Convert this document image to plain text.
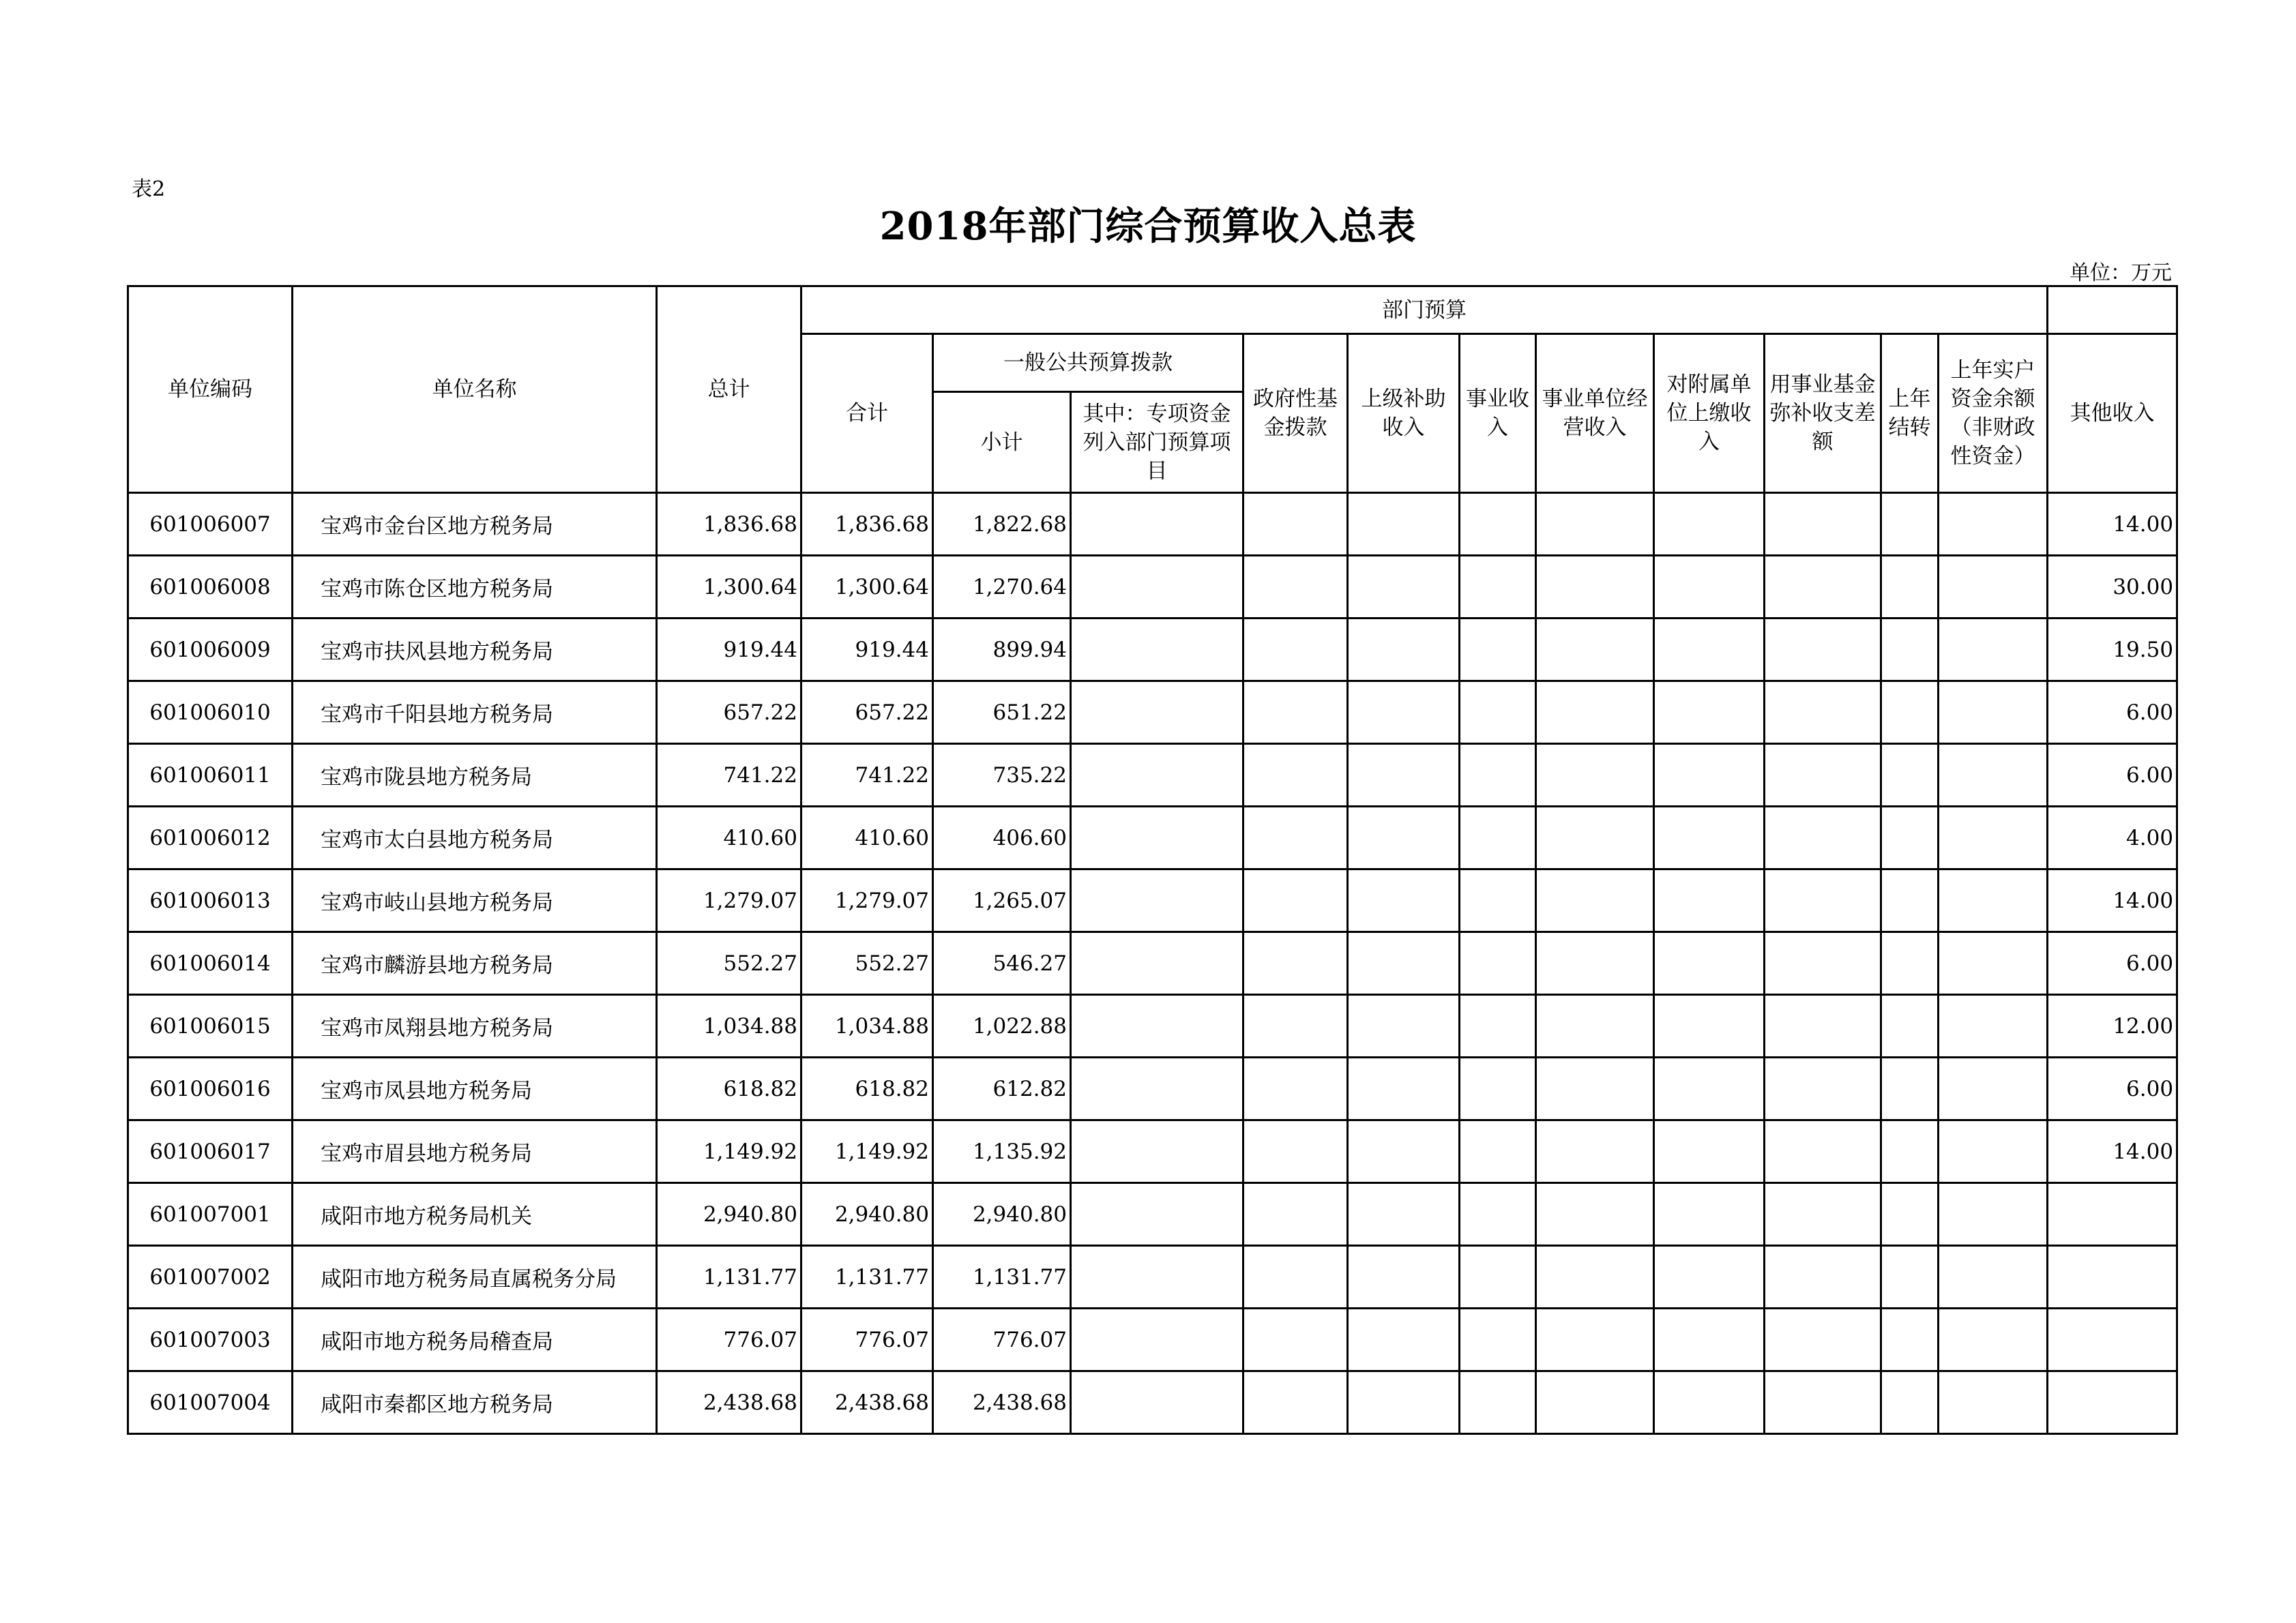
表2
2018年部门综合预算收入总表
单位：万元
单位编码	单位名称	总计	部门预算											
			合计	一般公共预算拨款		政府性基金拨款	上级补助收入	事业收入	事业单位经营收入	对附属单位上缴收入	用事业基金弥补收支差额	上年结转	上年实户资金余额（非财政性资金）	其他收入
				小计	其中：专项资金列入部门预算项目									
601006007	宝鸡市金台区地方税务局	1,836.68	1,836.68	1,822.68										14.00
601006008	宝鸡市陈仓区地方税务局	1,300.64	1,300.64	1,270.64										30.00
601006009	宝鸡市扶风县地方税务局	919.44	919.44	899.94										19.50
601006010	宝鸡市千阳县地方税务局	657.22	657.22	651.22										6.00
601006011	宝鸡市陇县地方税务局	741.22	741.22	735.22										6.00
601006012	宝鸡市太白县地方税务局	410.60	410.60	406.60										4.00
601006013	宝鸡市岐山县地方税务局	1,279.07	1,279.07	1,265.07										14.00
601006014	宝鸡市麟游县地方税务局	552.27	552.27	546.27										6.00
601006015	宝鸡市凤翔县地方税务局	1,034.88	1,034.88	1,022.88										12.00
601006016	宝鸡市凤县地方税务局	618.82	618.82	612.82										6.00
601006017	宝鸡市眉县地方税务局	1,149.92	1,149.92	1,135.92										14.00
601007001	咸阳市地方税务局机关	2,940.80	2,940.80	2,940.80										
601007002	咸阳市地方税务局直属税务分局	1,131.77	1,131.77	1,131.77										
601007003	咸阳市地方税务局稽查局	776.07	776.07	776.07										
601007004	咸阳市秦都区地方税务局	2,438.68	2,438.68	2,438.68										
